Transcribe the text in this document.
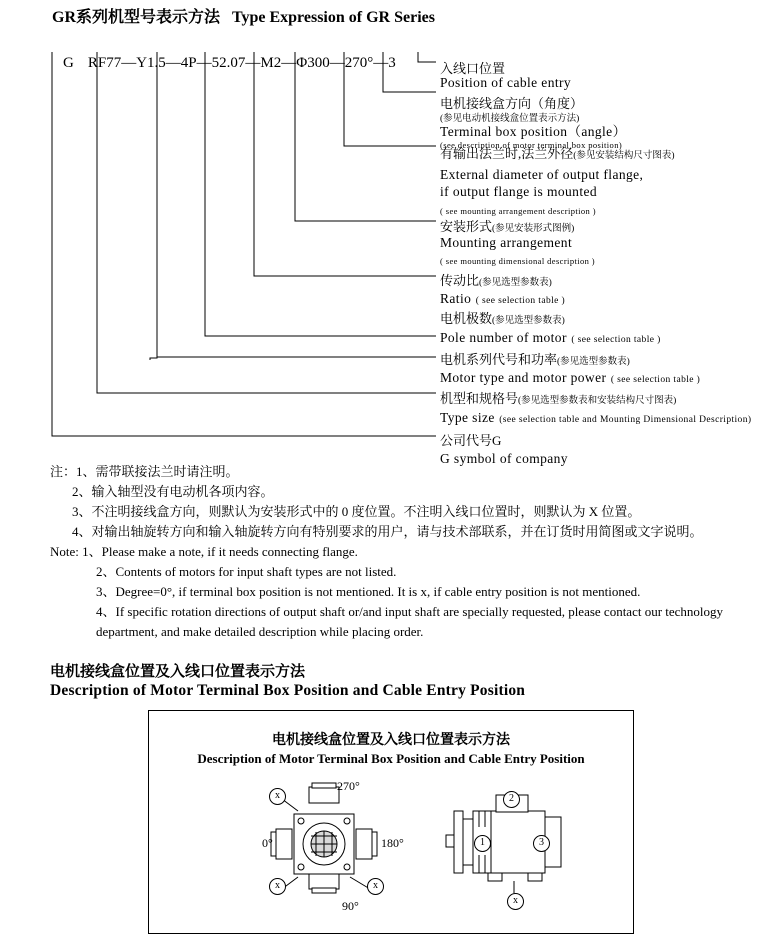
GR系列机型号表示方法   Type Expression of GR Series

G RF77—Y1.5—4P—52.07—M2—Φ300—270°—3
	入线口位置
Position of cable entry
电机接线盒方向（角度）
(参见电动机接线盒位置表示方法)
Terminal box position（angle）
(see description of motor terminal box position)
有输出法兰时,法兰外径(参见安装结构尺寸图表)
External diameter of output flange,
if output flange is mounted
( see mounting arrangement description )
安装形式(参见安装形式图例)
Mounting arrangement
( see mounting dimensional description )
传动比(参见选型参数表)
Ratio ( see selection table )
电机极数(参见选型参数表)
Pole number of motor ( see selection table )
电机系列代号和功率(参见选型参数表)
Motor type and motor power ( see selection table )
机型和规格号(参见选型参数表和安装结构尺寸图表)
Type size (see selection table and Mounting Dimensional Description)
公司代号G
G symbol of company
注：1、需带联接法兰时请注明。
2、输入轴型没有电动机各项内容。
3、不注明接线盒方向，则默认为安装形式中的 0 度位置。不注明入线口位置时，则默认为 X 位置。
4、对输出轴旋转方向和输入轴旋转方向有特别要求的用户，请与技术部联系，并在订货时用简图或文字说明。
Note: 1、Please make a note, if it needs connecting flange.
2、Contents of motors for input shaft types are not listed.
3、Degree=0°, if terminal box position is not mentioned. It is x, if cable entry position is not mentioned.
4、If specific rotation directions of output shaft or/and input shaft are specially requested, please contact our technology department, and make detailed description while placing order.
电机接线盒位置及入线口位置表示方法
Description of Motor Terminal Box Position and Cable Entry Position
电机接线盒位置及入线口位置表示方法
Description of Motor Terminal Box Position and Cable Entry Position
270°
0°	180°
90°
x
x	x
1
2
3
x
